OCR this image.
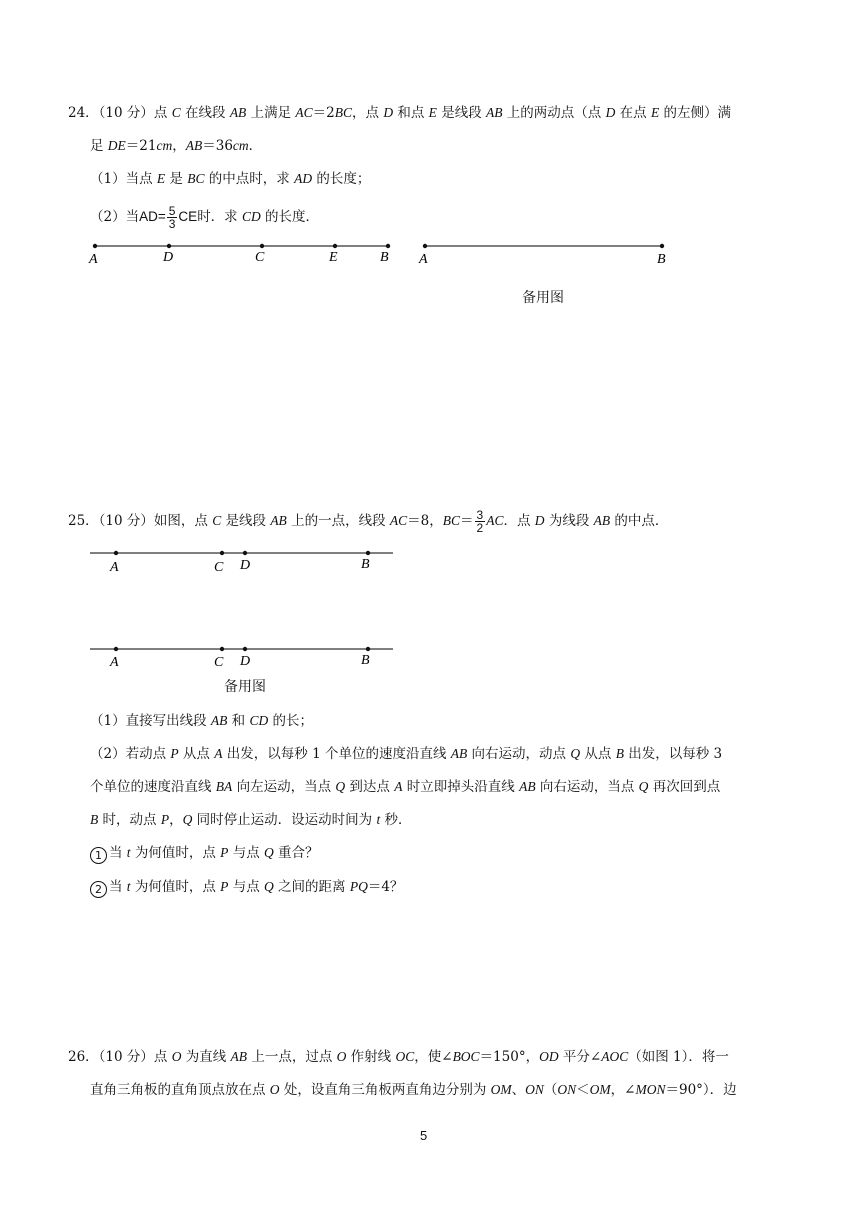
24．（10 分）点 C 在线段 AB 上满足 AC＝2BC，点 D 和点 E 是线段 AB 上的两动点（点 D 在点 E 的左侧）满
足 DE＝21cm，AB＝36cm．
（1）当点 E 是 BC 的中点时，求 AD 的长度；
（2）当$AD= \frac{5}{3}$ CE时．求 CD 的长度．
A	D	C	E	B A	B
A	C D	B
A	C D	B
备用图
25．（10 分）如图，点 C 是线段 AB 上的一点，线段 AC＝8，$BC= \frac{3}{2}$ AC．点 D 为线段 AB 的中点．
备用图
（1）直接写出线段 AB 和 CD 的长；
（2）若动点 P 从点 A 出发，以每秒 1 个单位的速度沿直线 AB 向右运动，动点 Q 从点 B 出发，以每秒 3
个单位的速度沿直线 BA 向左运动，当点 Q 到达点 A 时立即掉头沿直线 AB 向右运动，当点 Q 再次回到点
B 时，动点 P，Q 同时停止运动．设运动时间为 t 秒．
1 当 t 为何值时，点 P 与点 Q 重合？
2 当 t 为何值时，点 P 与点 Q 之间的距离 PQ＝4？
26．（10 分）点 O 为直线 AB 上一点，过点 O 作射线 OC，使∠BOC＝150°，OD 平分∠AOC（如图 1）．将一
直角三角板的直角顶点放在点 O 处，设直角三角板两直角边分别为 OM、ON（ON＜OM，∠MON＝90°）．边
5
